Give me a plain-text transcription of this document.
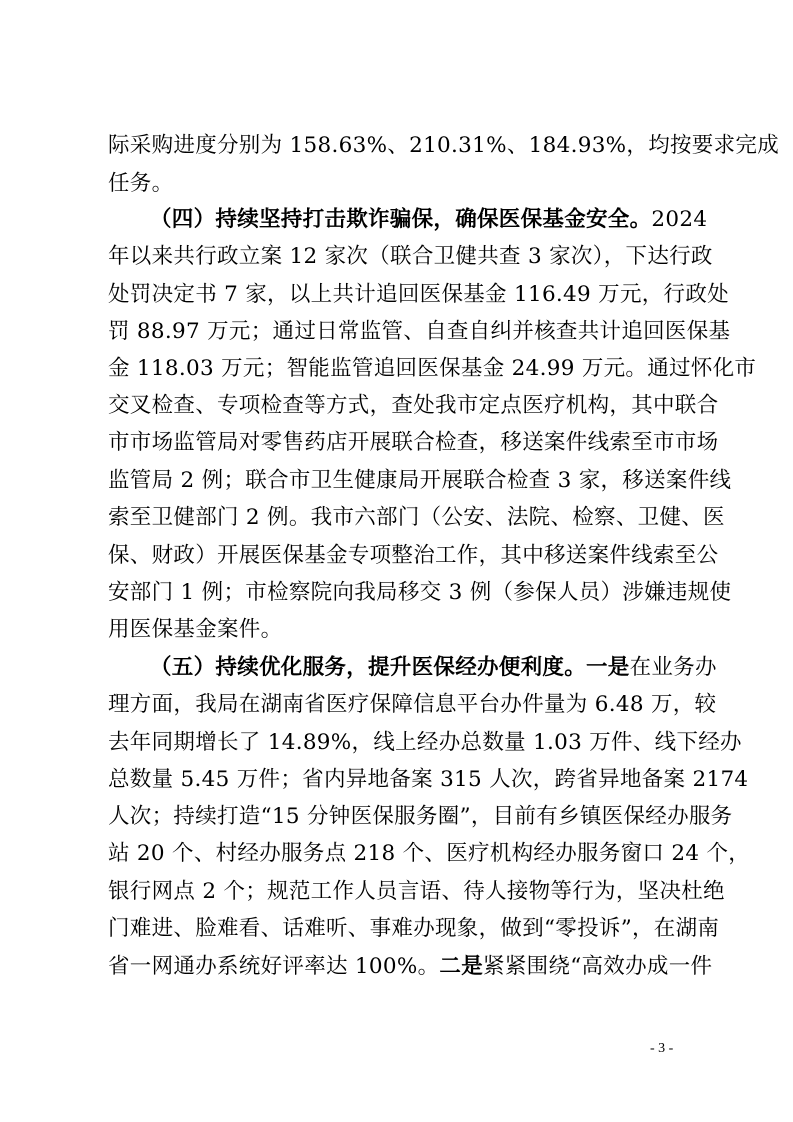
际采购进度分别为 158.63%、210.31%、184.93%，均按要求完成
任务。
（四）持续坚持打击欺诈骗保，确保医保基金安全。2024
年以来共行政立案 12 家次（联合卫健共查 3 家次），下达行政
处罚决定书 7 家，以上共计追回医保基金 116.49 万元，行政处
罚 88.97 万元；通过日常监管、自查自纠并核查共计追回医保基
金 118.03 万元；智能监管追回医保基金 24.99 万元。通过怀化市
交叉检查、专项检查等方式，查处我市定点医疗机构，其中联合
市市场监管局对零售药店开展联合检查，移送案件线索至市市场
监管局 2 例；联合市卫生健康局开展联合检查 3 家，移送案件线
索至卫健部门 2 例。我市六部门（公安、法院、检察、卫健、医
保、财政）开展医保基金专项整治工作，其中移送案件线索至公
安部门 1 例；市检察院向我局移交 3 例（参保人员）涉嫌违规使
用医保基金案件。
（五）持续优化服务，提升医保经办便利度。一是在业务办
理方面，我局在湖南省医疗保障信息平台办件量为 6.48 万，较
去年同期增长了 14.89%，线上经办总数量 1.03 万件、线下经办
总数量 5.45 万件；省内异地备案 315 人次，跨省异地备案 2174
人次；持续打造“15 分钟医保服务圈”，目前有乡镇医保经办服务
站 20 个、村经办服务点 218 个、医疗机构经办服务窗口 24 个，
银行网点 2 个；规范工作人员言语、待人接物等行为，坚决杜绝
门难进、脸难看、话难听、事难办现象，做到“零投诉”，在湖南
省一网通办系统好评率达 100%。二是紧紧围绕“高效办成一件
- 3 -
